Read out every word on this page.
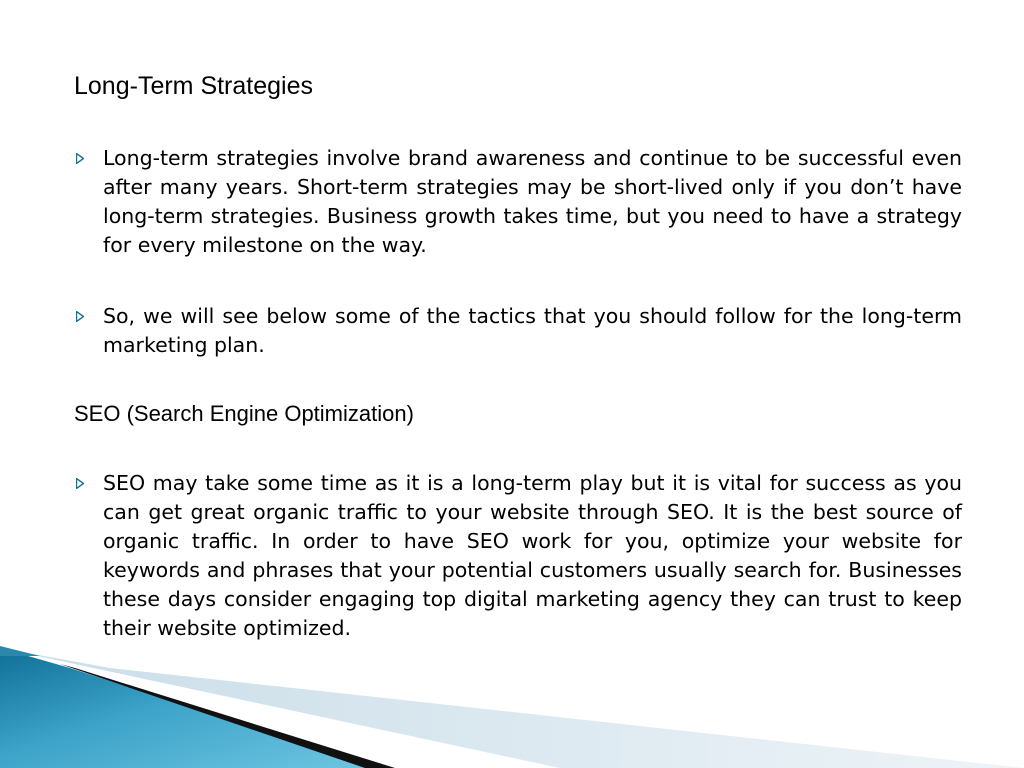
Long-Term Strategies

Long-term strategies involve brand awareness and continue to be successful even after many years. Short-term strategies may be short-lived only if you don’t have long-term strategies. Business growth takes time, but you need to have a strategy for every milestone on the way.

So, we will see below some of the tactics that you should follow for the long-term marketing plan.

SEO (Search Engine Optimization)

SEO may take some time as it is a long-term play but it is vital for success as you can get great organic traffic to your website through SEO. It is the best source of organic traffic. In order to have SEO work for you, optimize your website for keywords and phrases that your potential customers usually search for. Businesses these days consider engaging top digital marketing agency they can trust to keep their website optimized.
